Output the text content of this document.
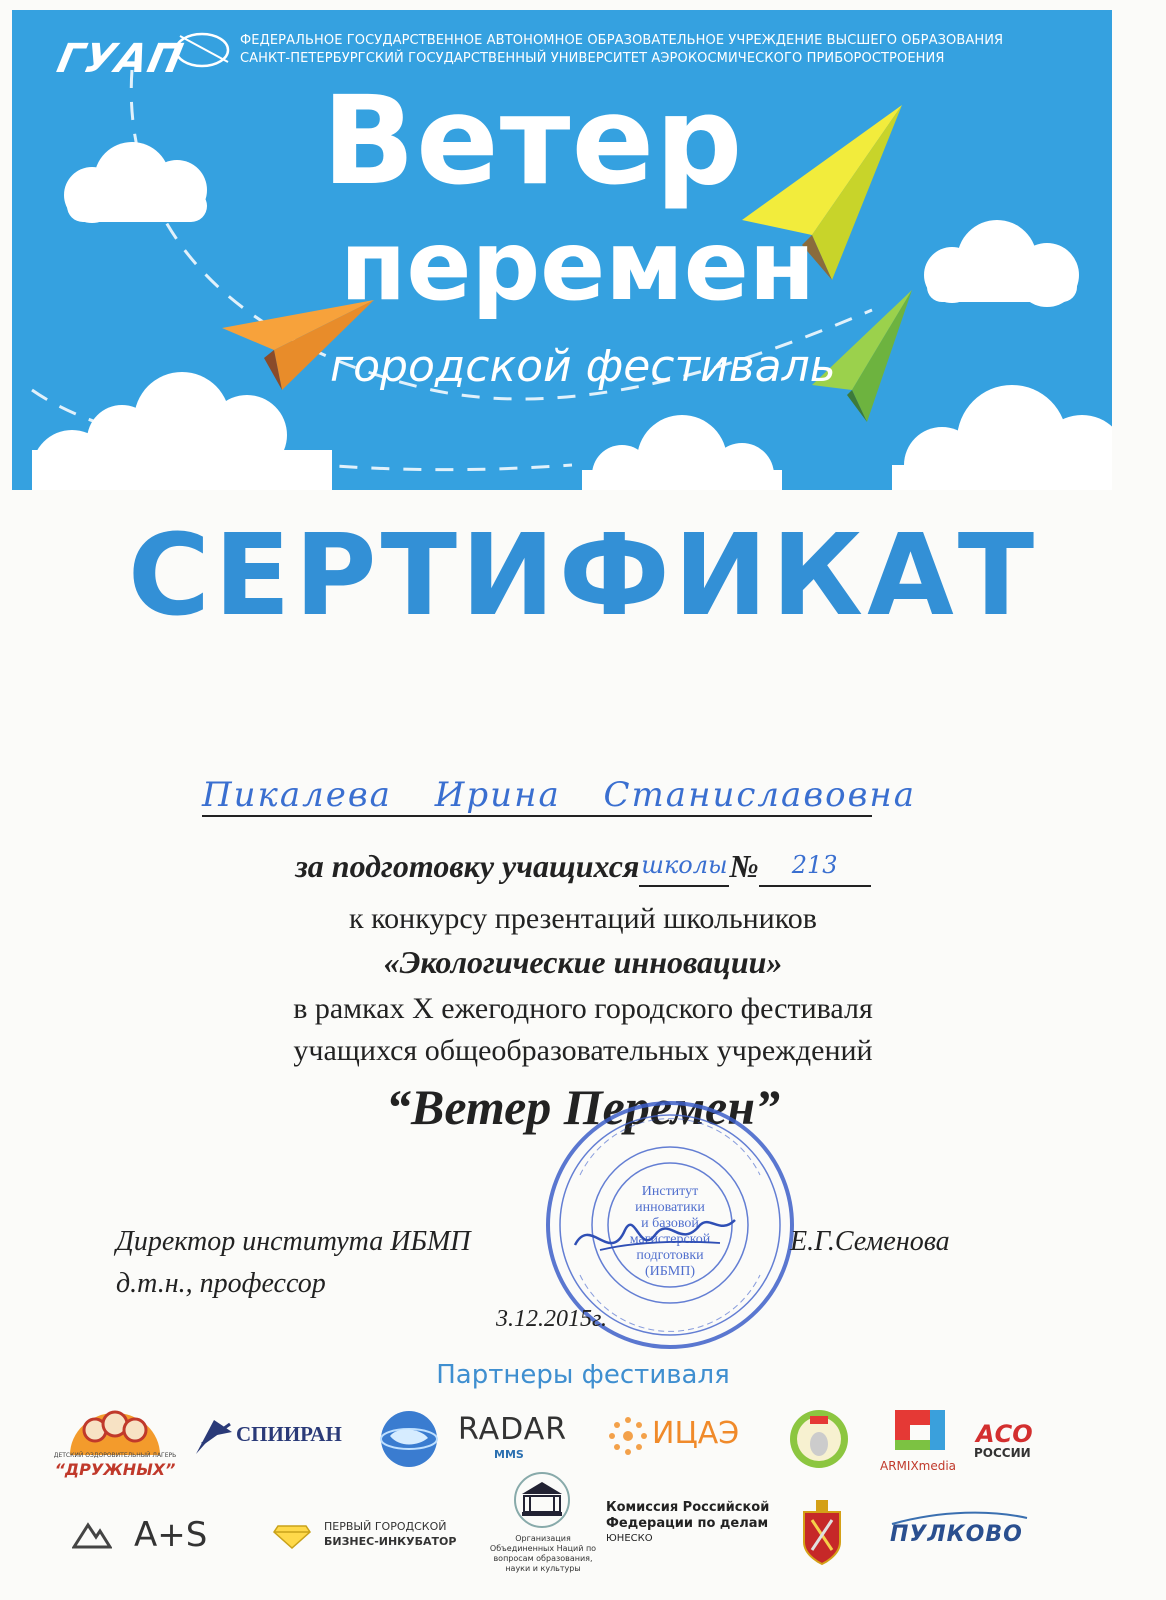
ГУАП	ФЕДЕРАЛЬНОЕ ГОСУДАРСТВЕННОЕ АВТОНОМНОЕ ОБРАЗОВАТЕЛЬНОЕ УЧРЕЖДЕНИЕ ВЫСШЕГО ОБРАЗОВАНИЯ
САНКТ-ПЕТЕРБУРГСКИЙ ГОСУДАРСТВЕННЫЙ УНИВЕРСИТЕТ АЭРОКОСМИЧЕСКОГО ПРИБОРОСТРОЕНИЯ
Ветер
перемен
городской фестиваль
СЕРТИФИКАТ
Пикалева Ирина Станиславовна
за подготовку учащихсяшколы№ 213
к конкурсу презентаций школьников
«Экологические инновации»
в рамках X ежегодного городского фестиваля
учащихся общеобразовательных учреждений
“Ветер Перемен”
Институт
инноватики
и базовой
магистерской
подготовки
(ИБМП)
Директор института ИБМП
д.т.н., профессор
Е.Г.Семенова
3.12.2015г.
Партнеры фестиваля
ДЕТСКИЙ ОЗДОРОВИТЕЛЬНЫЙ ЛАГЕРЬ
“ДРУЖНЫХ”
СПИИРАН	RADAR
MMS
ИЦАЭ
ARMIXmedia
АСО
РОССИИ
A+S	ПЕРВЫЙ ГОРОДСКОЙ
БИЗНЕС-ИНКУБАТОР	Организация
Объединенных Наций по
вопросам образования,
науки и культуры
Комиссия Российской
Федерации по делам
ЮНЕСКО	ПУЛКОВО
